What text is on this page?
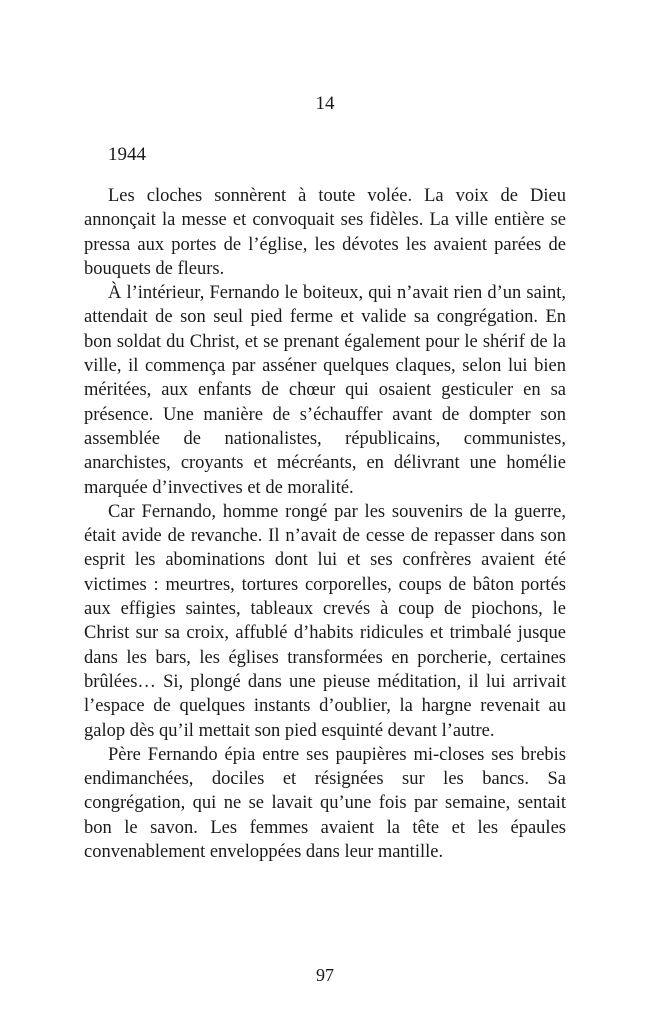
14
1944

Les cloches sonnèrent à toute volée. La voix de Dieu annonçait la messe et convoquait ses fidèles. La ville entière se pressa aux portes de l’église, les dévotes les avaient parées de bouquets de fleurs.

À l’intérieur, Fernando le boiteux, qui n’avait rien d’un saint, attendait de son seul pied ferme et valide sa congrégation. En bon soldat du Christ, et se prenant également pour le shérif de la ville, il commença par asséner quelques claques, selon lui bien méritées, aux enfants de chœur qui osaient gesticuler en sa présence. Une manière de s’échauffer avant de dompter son assemblée de nationalistes, républicains, communistes, anarchistes, croyants et mécréants, en délivrant une homélie marquée d’invectives et de moralité.

Car Fernando, homme rongé par les souvenirs de la guerre, était avide de revanche. Il n’avait de cesse de repasser dans son esprit les abominations dont lui et ses confrères avaient été victimes : meurtres, tortures corporelles, coups de bâton portés aux effigies saintes, tableaux crevés à coup de piochons, le Christ sur sa croix, affublé d’habits ridicules et trimbalé jusque dans les bars, les églises transformées en porcherie, certaines brûlées… Si, plongé dans une pieuse méditation, il lui arrivait l’espace de quelques instants d’oublier, la hargne revenait au galop dès qu’il mettait son pied esquinté devant l’autre.

Père Fernando épia entre ses paupières mi-closes ses brebis endimanchées, dociles et résignées sur les bancs. Sa congrégation, qui ne se lavait qu’une fois par semaine, sentait bon le savon. Les femmes avaient la tête et les épaules convenablement enveloppées dans leur mantille.

97
